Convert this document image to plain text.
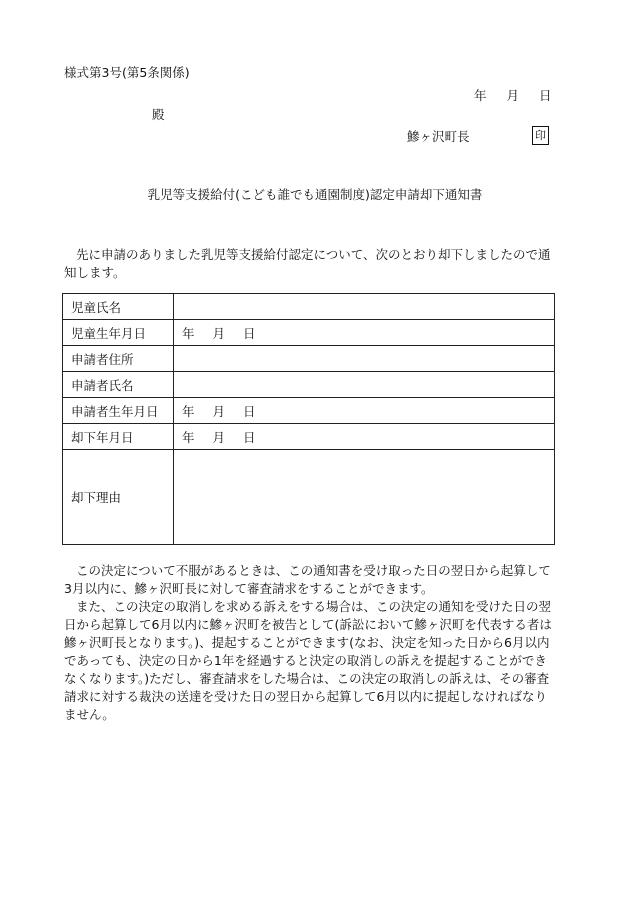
様式第3号(第5条関係)
年 月 日
殿
鰺ヶ沢町長	印
乳児等支援給付(こども誰でも通園制度)認定申請却下通知書
先に申請のありました乳児等支援給付認定について、次のとおり却下しましたので通知します。
児童氏名	
児童生年月日	年 月 日
申請者住所	
申請者氏名	
申請者生年月日	年 月 日
却下年月日	年 月 日
却下理由	
この決定について不服があるときは、この通知書を受け取った日の翌日から起算して3月以内に、鰺ヶ沢町長に対して審査請求をすることができます。
また、この決定の取消しを求める訴えをする場合は、この決定の通知を受けた日の翌日から起算して6月以内に鰺ヶ沢町を被告として(訴訟において鰺ヶ沢町を代表する者は鰺ヶ沢町長となります。)、提起することができます(なお、決定を知った日から6月以内であっても、決定の日から1年を経過すると決定の取消しの訴えを提起することができなくなります。)ただし、審査請求をした場合は、この決定の取消しの訴えは、その審査請求に対する裁決の送達を受けた日の翌日から起算して6月以内に提起しなければなりません。
